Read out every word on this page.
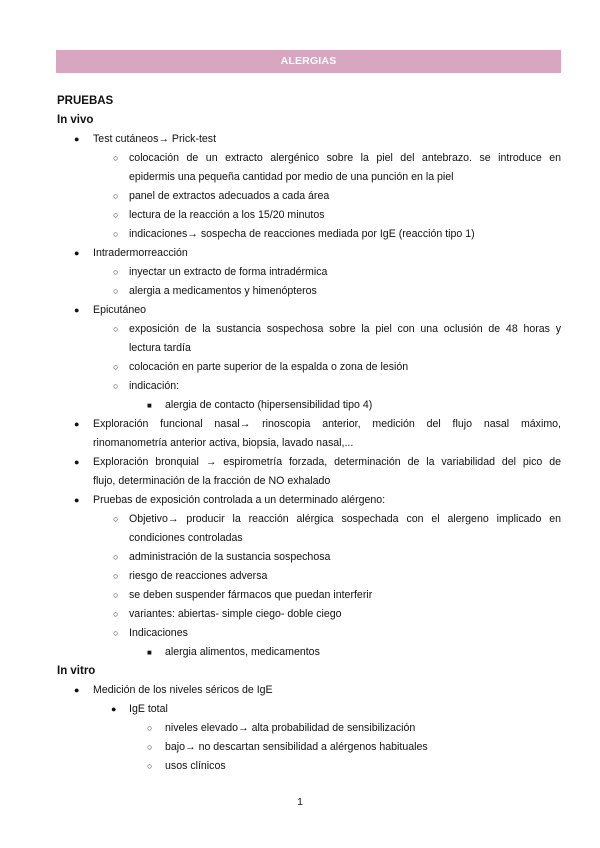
ALERGIAS
PRUEBAS
In vivo
● Test cutáneos→ Prick-test
○ colocación de un extracto alergénico sobre la piel del antebrazo. se introduce en
epidermis una pequeña cantidad por medio de una punción en la piel
○ panel de extractos adecuados a cada área
○ lectura de la reacción a los 15/20 minutos
○ indicaciones→ sospecha de reacciones mediada por IgE (reacción tipo 1)
● Intradermorreacción
○ inyectar un extracto de forma intradérmica
○ alergia a medicamentos y himenópteros
● Epicutáneo
○ exposición de la sustancia sospechosa sobre la piel con una oclusión de 48 horas y
lectura tardía
○ colocación en parte superior de la espalda o zona de lesión
○ indicación:
■ alergia de contacto (hipersensibilidad tipo 4)
● Exploración funcional nasal→ rinoscopia anterior, medición del flujo nasal máximo,
rinomanometría anterior activa, biopsia, lavado nasal,...
● Exploración bronquial → espirometría forzada, determinación de la variabilidad del pico de
flujo, determinación de la fracción de NO exhalado
● Pruebas de exposición controlada a un determinado alérgeno:
○ Objetivo→ producir la reacción alérgica sospechada con el alergeno implicado en
condiciones controladas
○ administración de la sustancia sospechosa
○ riesgo de reacciones adversa
○ se deben suspender fármacos que puedan interferir
○ variantes: abiertas- simple ciego- doble ciego
○ Indicaciones
■ alergia alimentos, medicamentos
In vitro
● Medición de los niveles séricos de IgE
● IgE total
○ niveles elevado→ alta probabilidad de sensibilización
○ bajo→ no descartan sensibilidad a alérgenos habituales
○ usos clínicos
1
